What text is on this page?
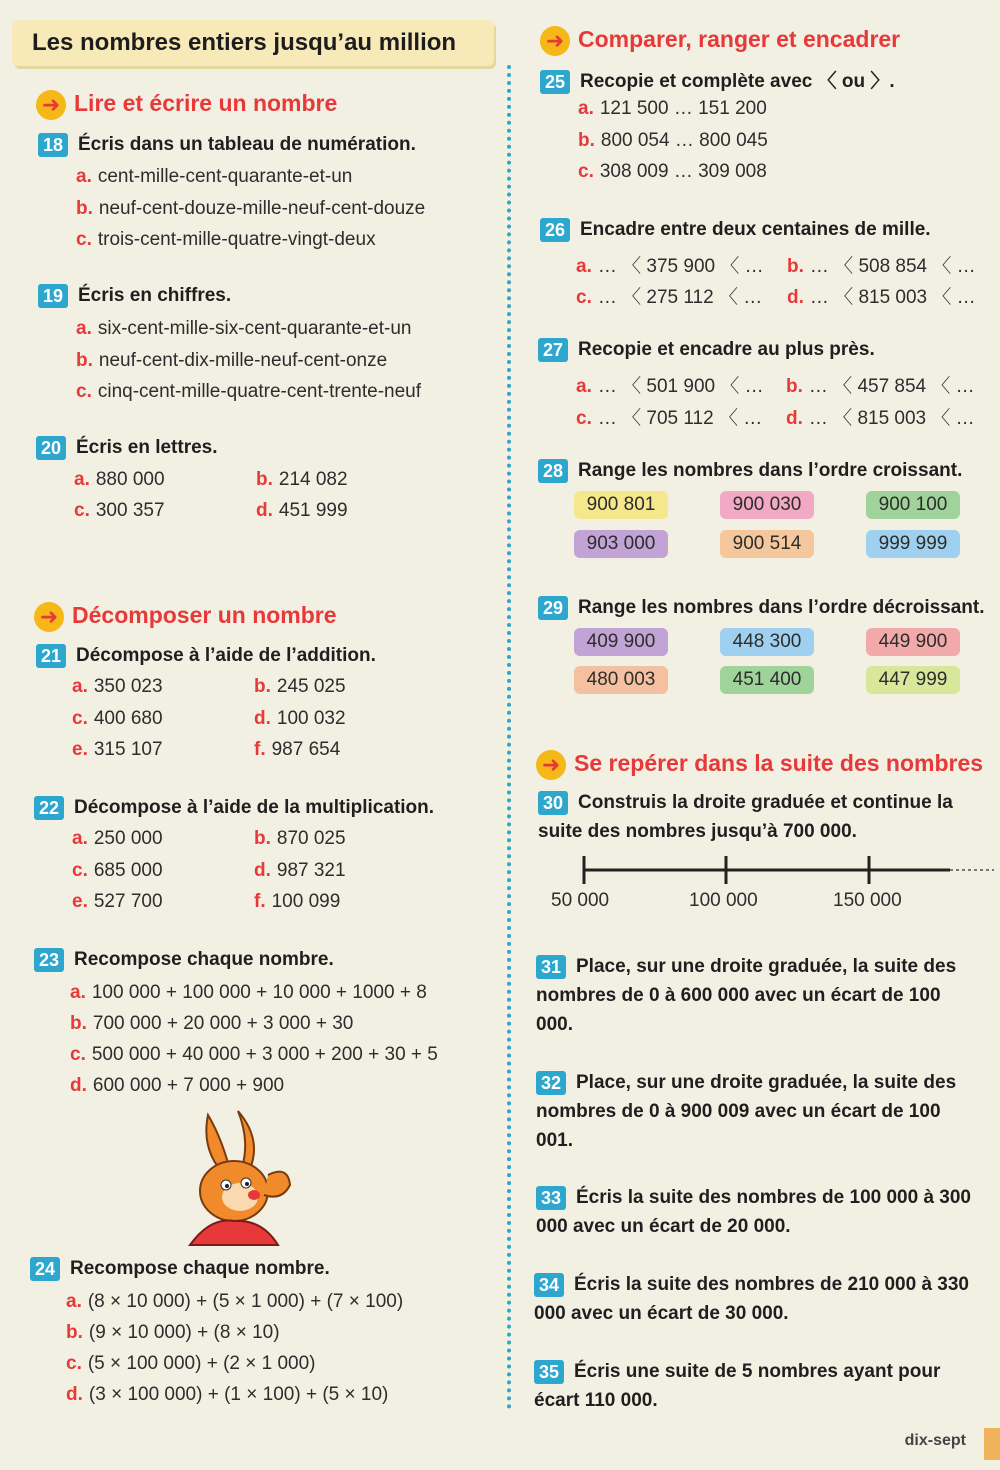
Les nombres entiers jusqu’au million
➜ Lire et écrire un nombre
18 Écris dans un tableau de numération.
a. cent-mille-cent-quarante-et-un
b. neuf-cent-douze-mille-neuf-cent-douze
c. trois-cent-mille-quatre-vingt-deux
19 Écris en chiffres.
a. six-cent-mille-six-cent-quarante-et-un
b. neuf-cent-dix-mille-neuf-cent-onze
c. cinq-cent-mille-quatre-cent-trente-neuf
20 Écris en lettres.
a. 880 000	b. 214 082
c. 300 357	d. 451 999
➜ Décomposer un nombre
21 Décompose à l’aide de l’addition.
a. 350 023	b. 245 025
c. 400 680	d. 100 032
e. 315 107	f. 987 654
22 Décompose à l’aide de la multiplication.
a. 250 000	b. 870 025
c. 685 000	d. 987 321
e. 527 700	f. 100 099
23 Recompose chaque nombre.
a. 100 000 + 100 000 + 10 000 + 1000 + 8
b. 700 000 + 20 000 + 3 000 + 30
c. 500 000 + 40 000 + 3 000 + 200 + 30 + 5
d. 600 000 + 7 000 + 900
24 Recompose chaque nombre.
a. (8 × 10 000) + (5 × 1 000) + (7 × 100)
b. (9 × 10 000) + (8 × 10)
c. (5 × 100 000) + (2 × 1 000)
d. (3 × 100 000) + (1 × 100) + (5 × 10)
➜ Comparer, ranger et encadrer
25 Recopie et complète avec 〈 ou 〉.
a. 121 500 … 151 200
b. 800 054 … 800 045
c. 308 009 … 309 008
26 Encadre entre deux centaines de mille.
a. … 〈 375 900 〈 … b. … 〈 508 854 〈 …
c. … 〈 275 112 〈 … d. … 〈 815 003 〈 …
27 Recopie et encadre au plus près.
a. … 〈 501 900 〈 … b. … 〈 457 854 〈 …
c. … 〈 705 112 〈 … d. … 〈 815 003 〈 …
28 Range les nombres dans l’ordre croissant.
900 801	900 030	900 100
903 000	900 514	999 999
29 Range les nombres dans l’ordre décroissant.
409 900	448 300	449 900
480 003	451 400	447 999
➜ Se repérer dans la suite des nombres
30 Construis la droite graduée et continue la suite des nombres jusqu’à 700 000.
50 000	100 000	150 000
31 Place, sur une droite graduée, la suite des nombres de 0 à 600 000 avec un écart de 100 000.
32 Place, sur une droite graduée, la suite des nombres de 0 à 900 009 avec un écart de 100 001.
33 Écris la suite des nombres de 100 000 à 300 000 avec un écart de 20 000.
34 Écris la suite des nombres de 210 000 à 330 000 avec un écart de 30 000.
35 Écris une suite de 5 nombres ayant pour écart 110 000.
dix-sept
